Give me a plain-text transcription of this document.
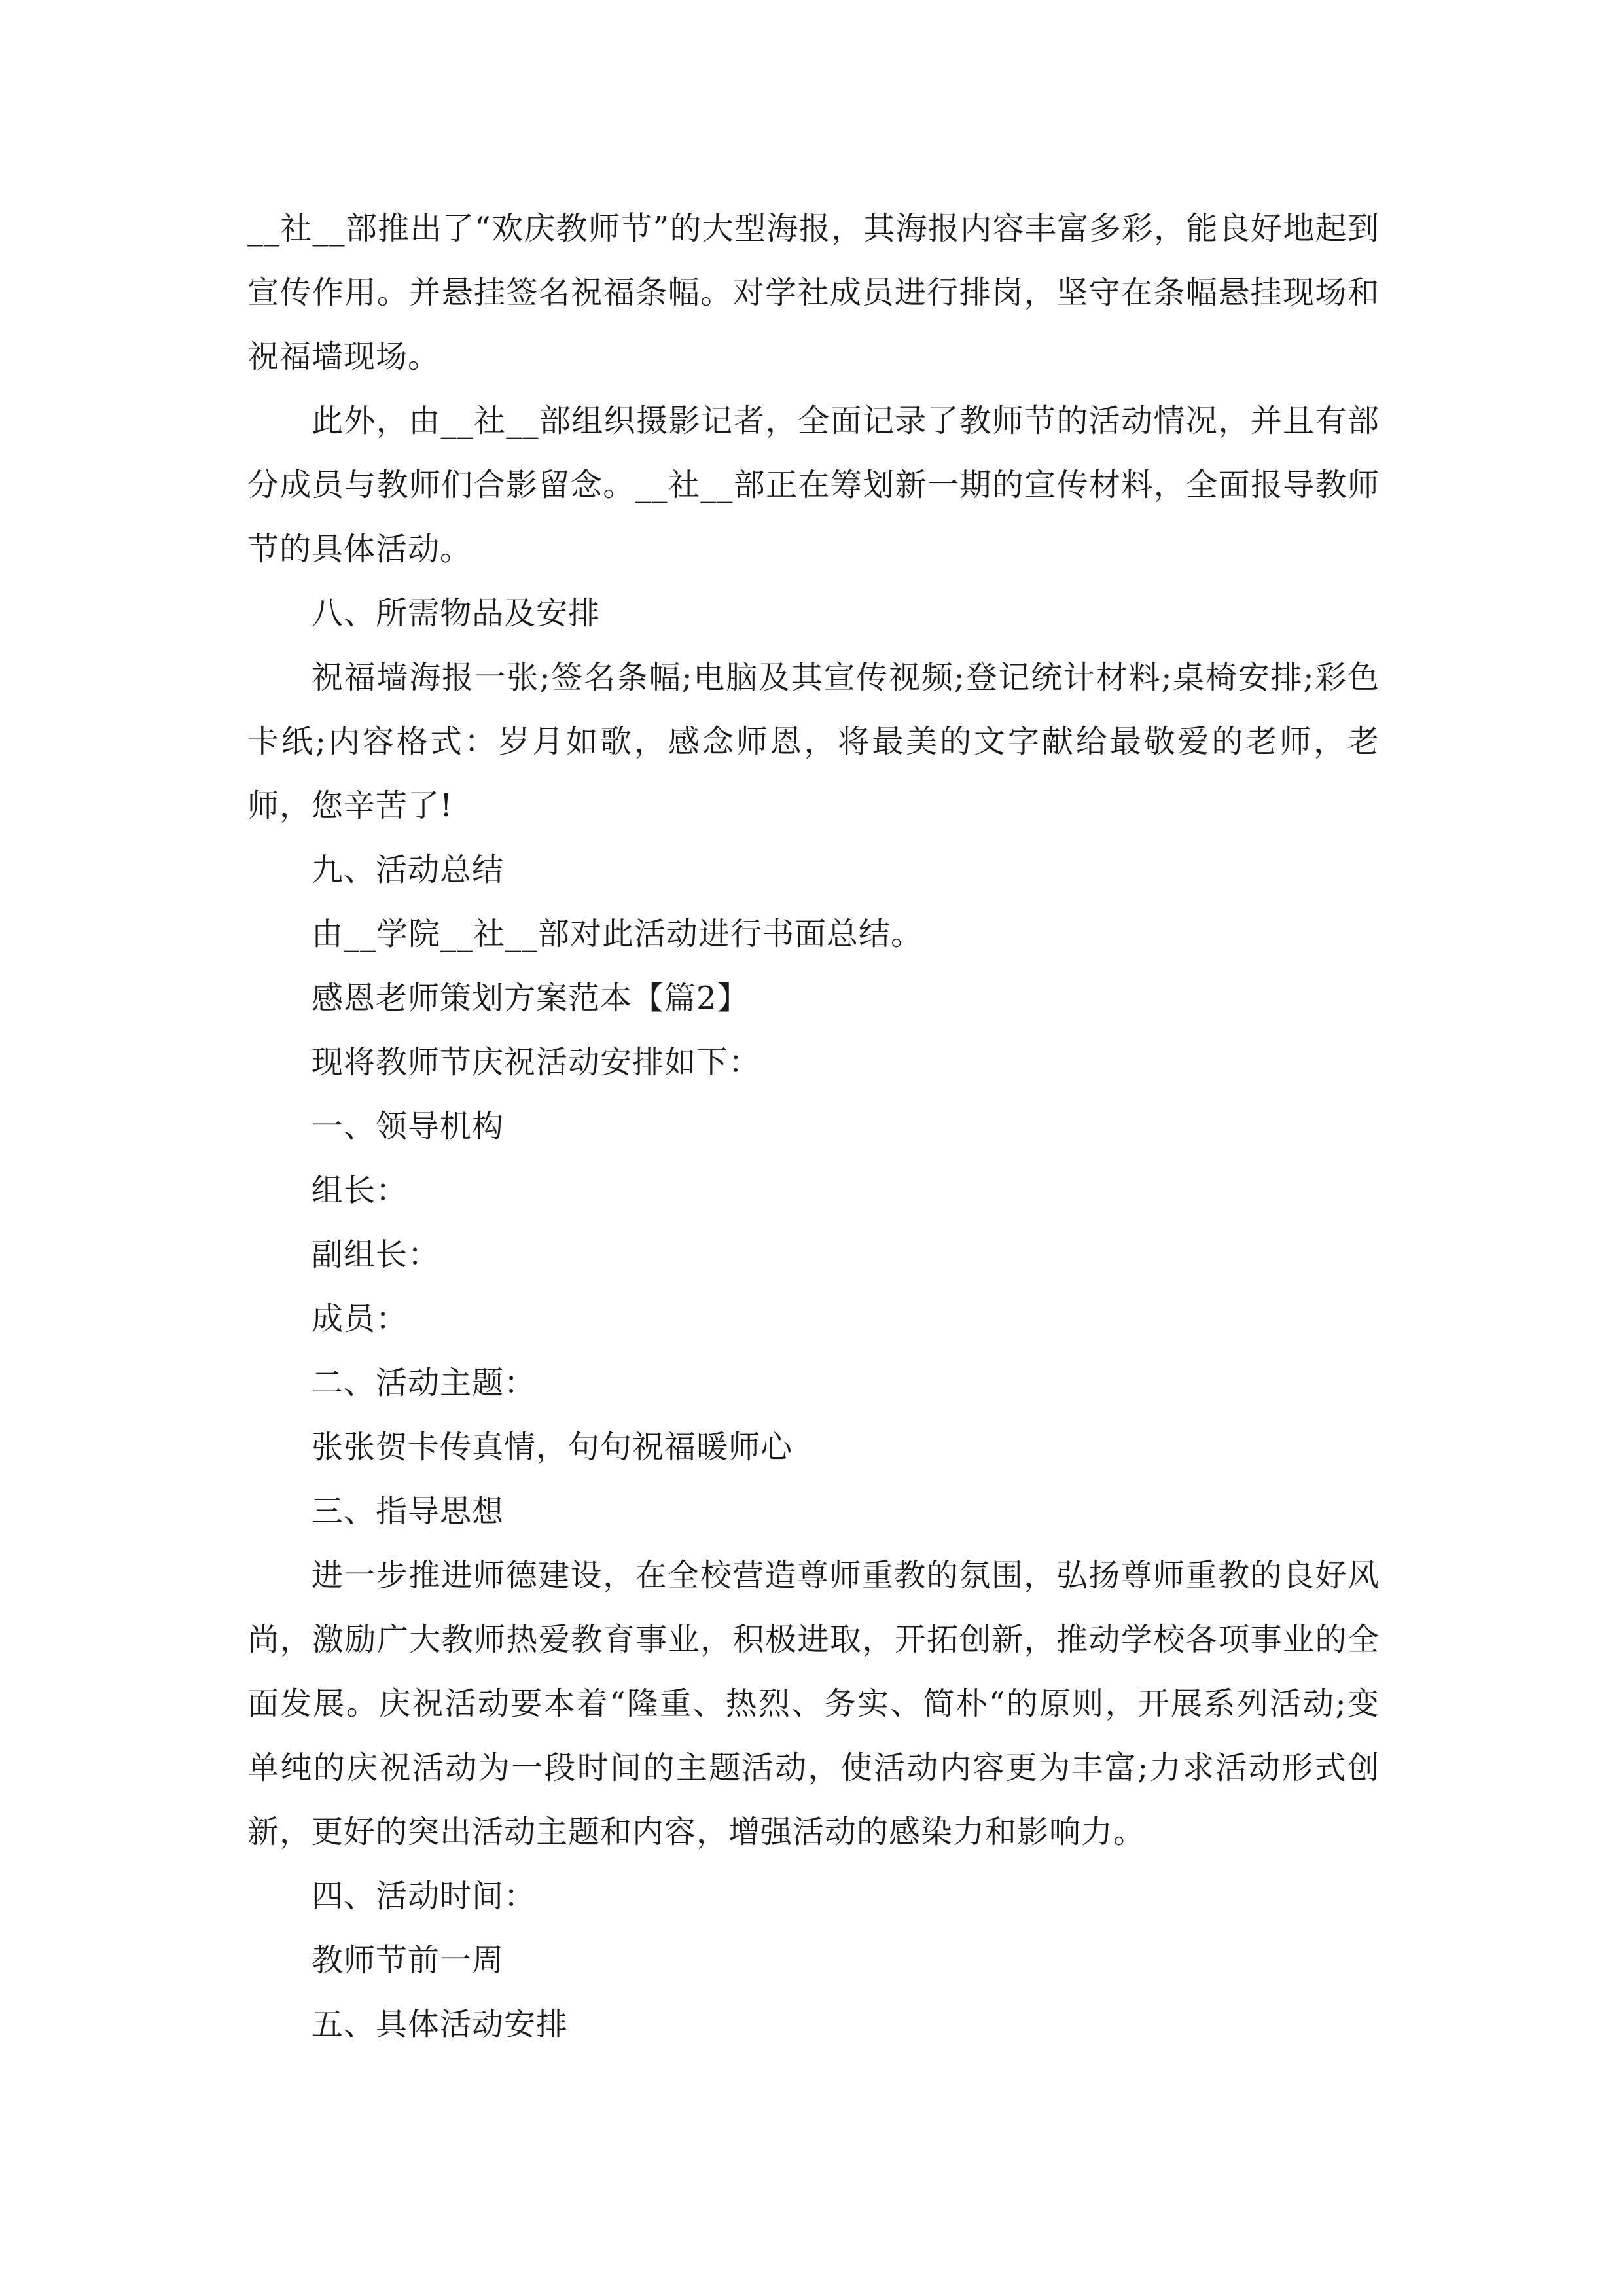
__社__部推出了“欢庆教师节”的大型海报，其海报内容丰富多彩，能良好地起到宣传作用。并悬挂签名祝福条幅。对学社成员进行排岗，坚守在条幅悬挂现场和祝福墙现场。

此外，由__社__部组织摄影记者，全面记录了教师节的活动情况，并且有部分成员与教师们合影留念。__社__部正在筹划新一期的宣传材料，全面报导教师节的具体活动。

八、所需物品及安排

祝福墙海报一张;签名条幅;电脑及其宣传视频;登记统计材料;桌椅安排;彩色卡纸;内容格式：岁月如歌，感念师恩，将最美的文字献给最敬爱的老师，老师，您辛苦了!

九、活动总结

由__学院__社__部对此活动进行书面总结。

感恩老师策划方案范本【篇2】

现将教师节庆祝活动安排如下：

一、领导机构

组长：

副组长：

成员：

二、活动主题：

张张贺卡传真情，句句祝福暖师心

三、指导思想

进一步推进师德建设，在全校营造尊师重教的氛围，弘扬尊师重教的良好风尚，激励广大教师热爱教育事业，积极进取，开拓创新，推动学校各项事业的全面发展。庆祝活动要本着“隆重、热烈、务实、简朴“的原则，开展系列活动;变单纯的庆祝活动为一段时间的主题活动，使活动内容更为丰富;力求活动形式创新，更好的突出活动主题和内容，增强活动的感染力和影响力。

四、活动时间：

教师节前一周

五、具体活动安排
